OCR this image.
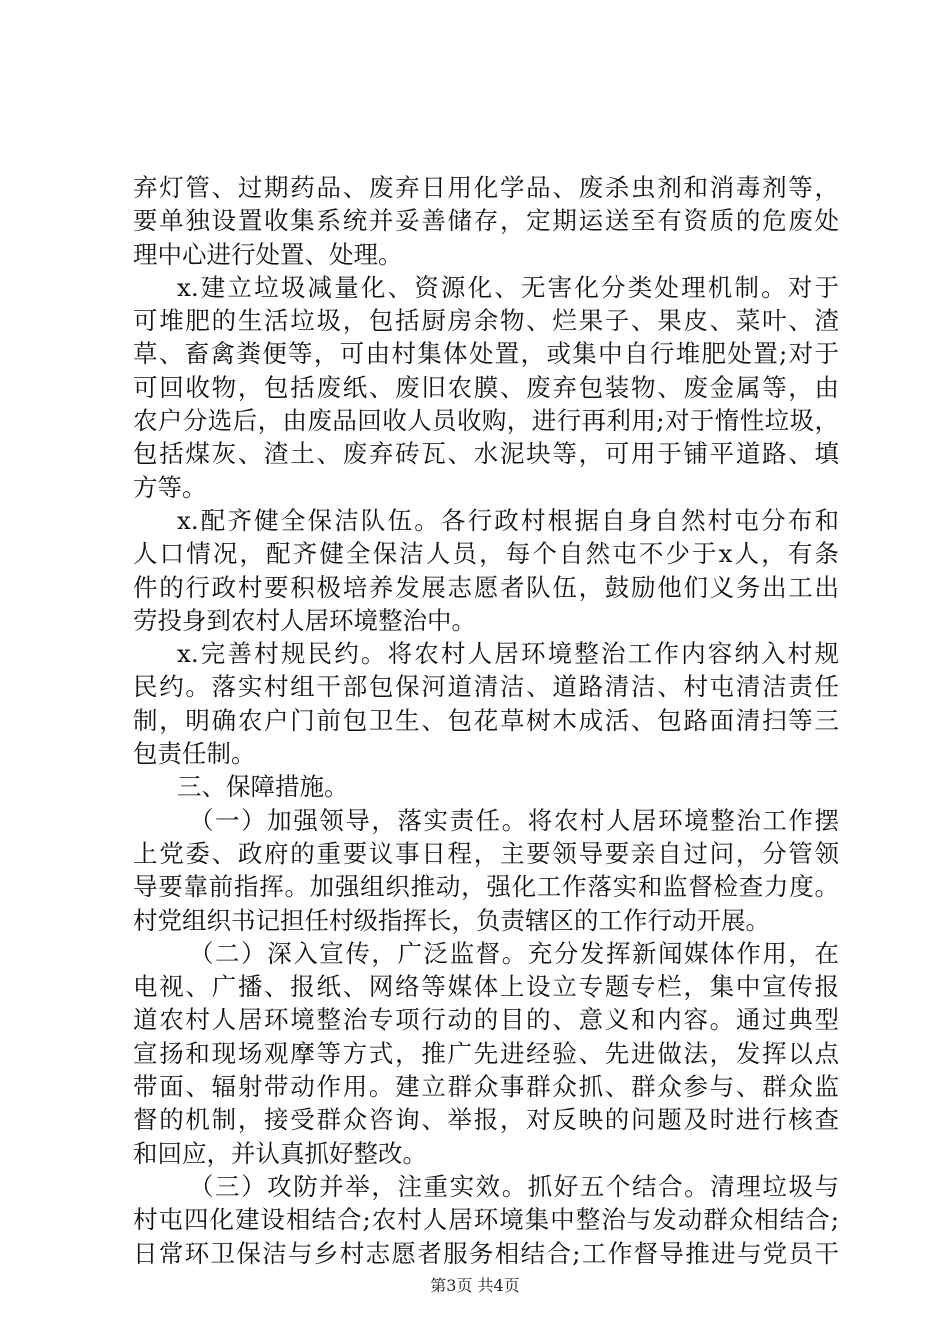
弃灯管、过期药品、废弃日用化学品、废杀虫剂和消毒剂等，
要单独设置收集系统并妥善储存，定期运送至有资质的危废处
理中心进行处置、处理。
x.建立垃圾减量化、资源化、无害化分类处理机制。对于
可堆肥的生活垃圾，包括厨房余物、烂果子、果皮、菜叶、渣
草、畜禽粪便等，可由村集体处置，或集中自行堆肥处置;对于
可回收物，包括废纸、废旧农膜、废弃包装物、废金属等，由
农户分选后，由废品回收人员收购，进行再利用;对于惰性垃圾，
包括煤灰、渣土、废弃砖瓦、水泥块等，可用于铺平道路、填
方等。
x.配齐健全保洁队伍。各行政村根据自身自然村屯分布和
人口情况，配齐健全保洁人员，每个自然屯不少于x人，有条
件的行政村要积极培养发展志愿者队伍，鼓励他们义务出工出
劳投身到农村人居环境整治中。
x.完善村规民约。将农村人居环境整治工作内容纳入村规
民约。落实村组干部包保河道清洁、道路清洁、村屯清洁责任
制，明确农户门前包卫生、包花草树木成活、包路面清扫等三
包责任制。
三、保障措施。
（一）加强领导，落实责任。将农村人居环境整治工作摆
上党委、政府的重要议事日程，主要领导要亲自过问，分管领
导要靠前指挥。加强组织推动，强化工作落实和监督检查力度。
村党组织书记担任村级指挥长，负责辖区的工作行动开展。
（二）深入宣传，广泛监督。充分发挥新闻媒体作用，在
电视、广播、报纸、网络等媒体上设立专题专栏，集中宣传报
道农村人居环境整治专项行动的目的、意义和内容。通过典型
宣扬和现场观摩等方式，推广先进经验、先进做法，发挥以点
带面、辐射带动作用。建立群众事群众抓、群众参与、群众监
督的机制，接受群众咨询、举报，对反映的问题及时进行核查
和回应，并认真抓好整改。
（三）攻防并举，注重实效。抓好五个结合。清理垃圾与
村屯四化建设相结合;农村人居环境集中整治与发动群众相结合;
日常环卫保洁与乡村志愿者服务相结合;工作督导推进与党员干
第3页 共4页
